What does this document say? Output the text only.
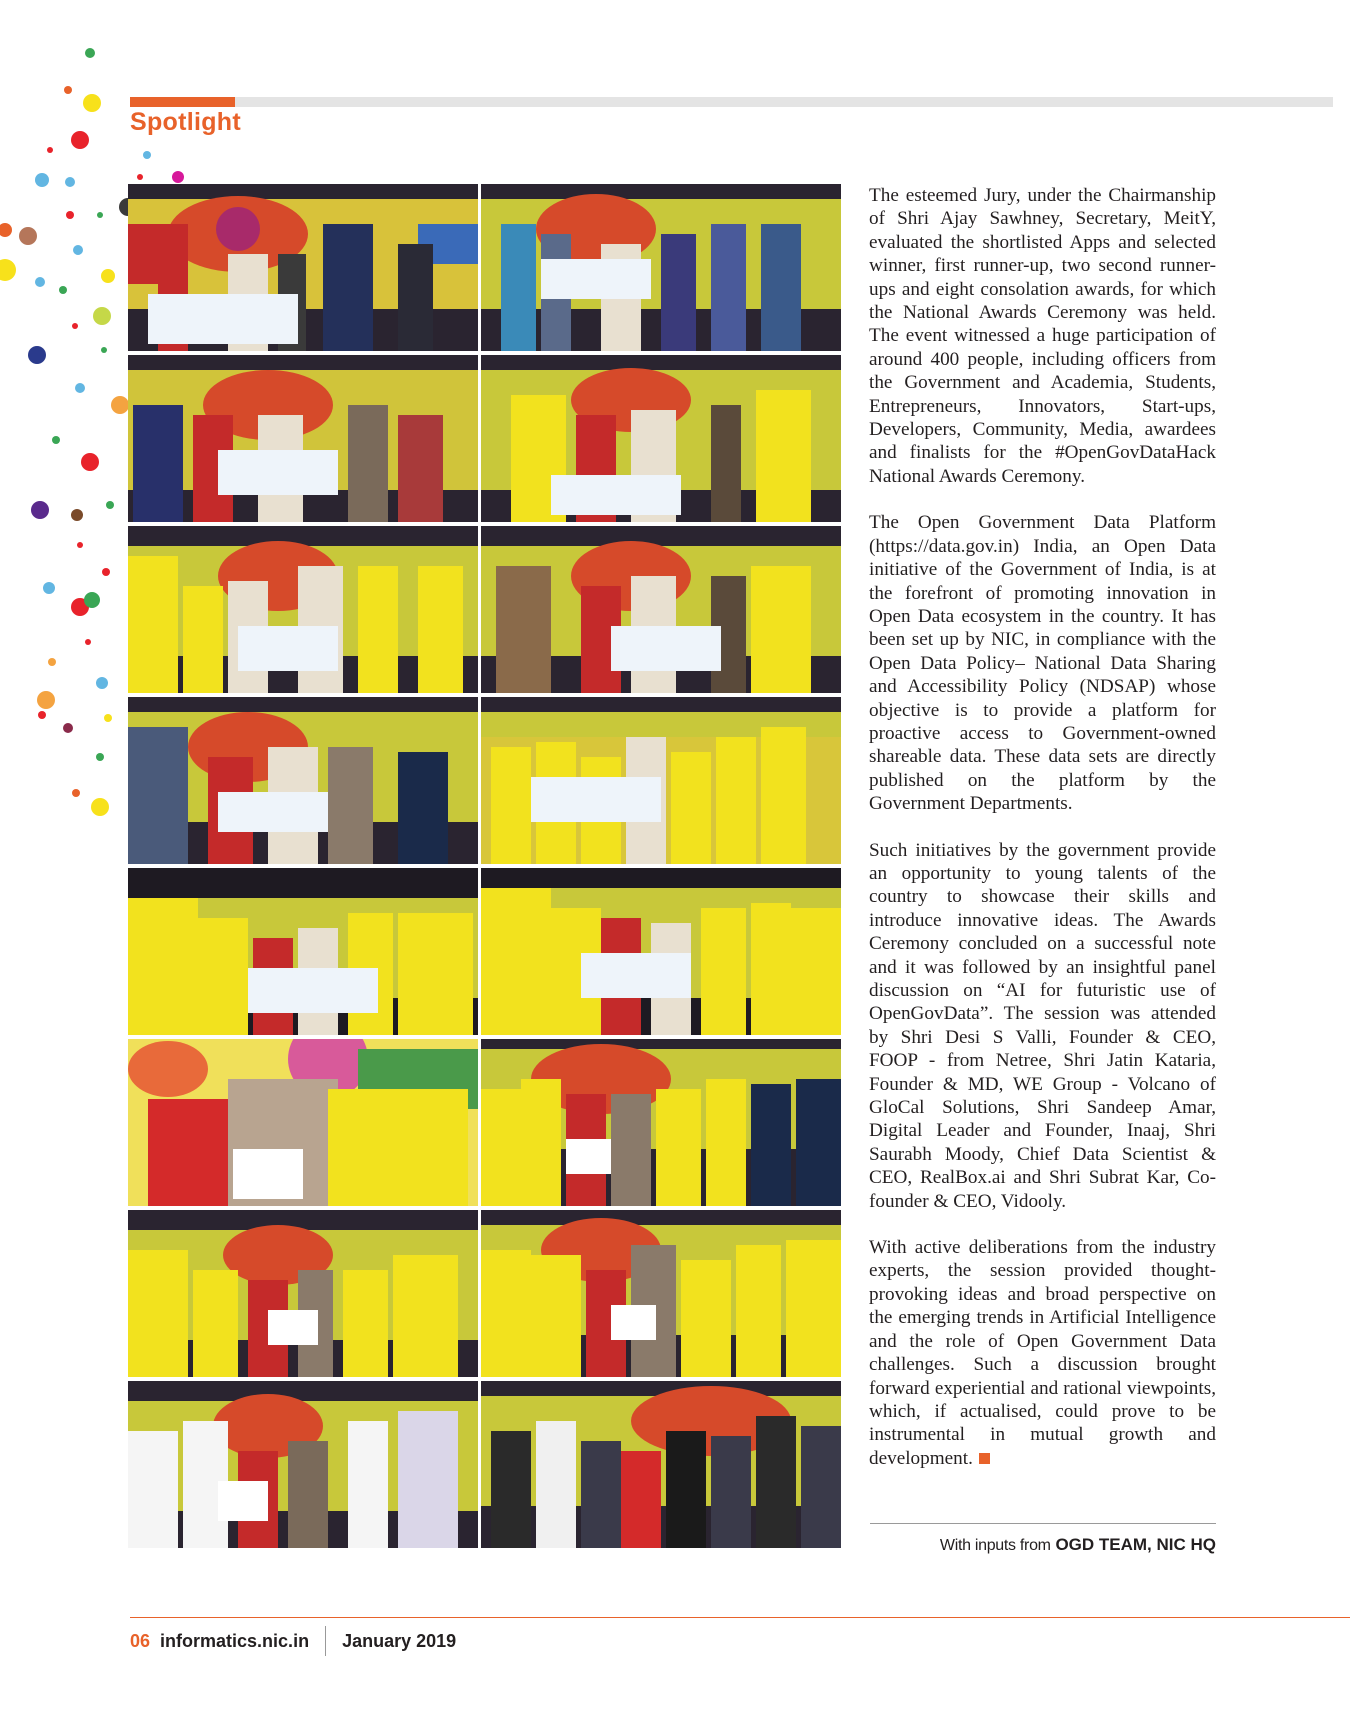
Spotlight

The esteemed Jury, under the Chairmanship of Shri Ajay Sawhney, Secretary, MeitY, evaluated the shortlisted Apps and selected winner, first runner-up, two second runner-ups and eight consolation awards, for which the National Awards Ceremony was held. The event witnessed a huge participation of around 400 people, including officers from the Government and Academia, Students, Entrepreneurs, Innovators, Start-ups, Developers, Community, Media, awardees and finalists for the #OpenGovDataHack National Awards Ceremony.

The Open Government Data Platform (https://data.gov.in) India, an Open Data initiative of the Government of India, is at the forefront of promoting innovation in Open Data ecosystem in the country. It has been set up by NIC, in compliance with the Open Data Policy– National Data Sharing and Accessibility Policy (NDSAP) whose objective is to provide a platform for proactive access to Government-owned shareable data. These data sets are directly published on the platform by the Government Departments.

Such initiatives by the government provide an opportunity to young talents of the country to showcase their skills and introduce innovative ideas. The Awards Ceremony concluded on a successful note and it was followed by an insightful panel discussion on “AI for futuristic use of OpenGovData”. The session was attended by Shri Desi S Valli, Founder & CEO, FOOP - from Netree, Shri Jatin Kataria, Founder & MD, WE Group - Volcano of GloCal Solutions, Shri Sandeep Amar, Digital Leader and Founder, Inaaj, Shri Saurabh Moody, Chief Data Scientist & CEO, RealBox.ai and Shri Subrat Kar, Co-founder & CEO, Vidooly.

With active deliberations from the industry experts, the session provided thought-provoking ideas and broad perspective on the emerging trends in Artificial Intelligence and the role of Open Government Data challenges. Such a discussion brought forward experiential and rational viewpoints, which, if actualised, could prove to be instrumental in mutual growth and development.

With inputs from OGD TEAM, NIC HQ
06 informatics.nic.in January 2019
